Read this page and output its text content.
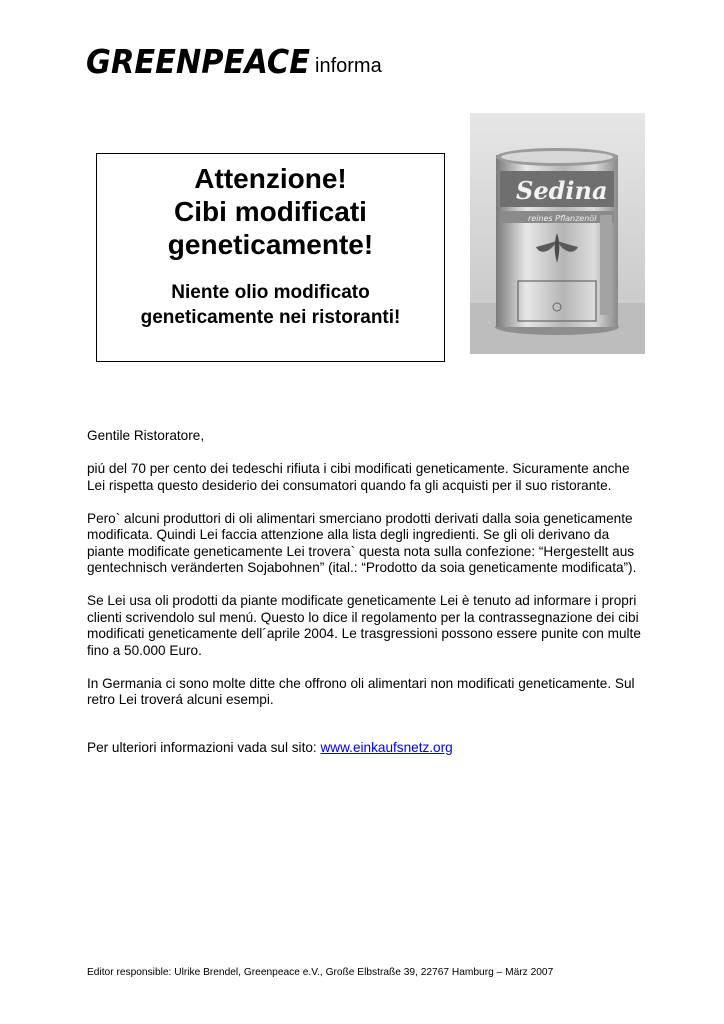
GREENPEACE informa
Attenzione!
Cibi modificati
geneticamente!
Niente olio modificato
geneticamente nei ristoranti!
Sedina
reines Pflanzenöl

Gentile Ristoratore,

piú del 70 per cento dei tedeschi rifiuta i cibi modificati geneticamente. Sicuramente anche Lei rispetta questo desiderio dei consumatori quando fa gli acquisti per il suo ristorante.

Pero` alcuni produttori di oli alimentari smerciano prodotti derivati dalla soia geneticamente modificata. Quindi Lei faccia attenzione alla lista degli ingredienti. Se gli oli derivano da piante modificate geneticamente Lei trovera` questa nota sulla confezione: “Hergestellt aus gentechnisch veränderten Sojabohnen” (ital.: “Prodotto da soia geneticamente modificata”).

Se Lei usa oli prodotti da piante modificate geneticamente Lei è tenuto ad informare i propri clienti scrivendolo sul menú. Questo lo dice il regolamento per la contrassegnazione dei cibi modificati geneticamente dell´aprile 2004. Le trasgressioni possono essere punite con multe fino a 50.000 Euro.

In Germania ci sono molte ditte che offrono oli alimentari non modificati geneticamente. Sul retro Lei troverá alcuni esempi.

Per ulteriori informazioni vada sul sito: www.einkaufsnetz.org

Editor responsible: Ulrike Brendel, Greenpeace e.V., Große Elbstraße 39, 22767 Hamburg – März 2007
